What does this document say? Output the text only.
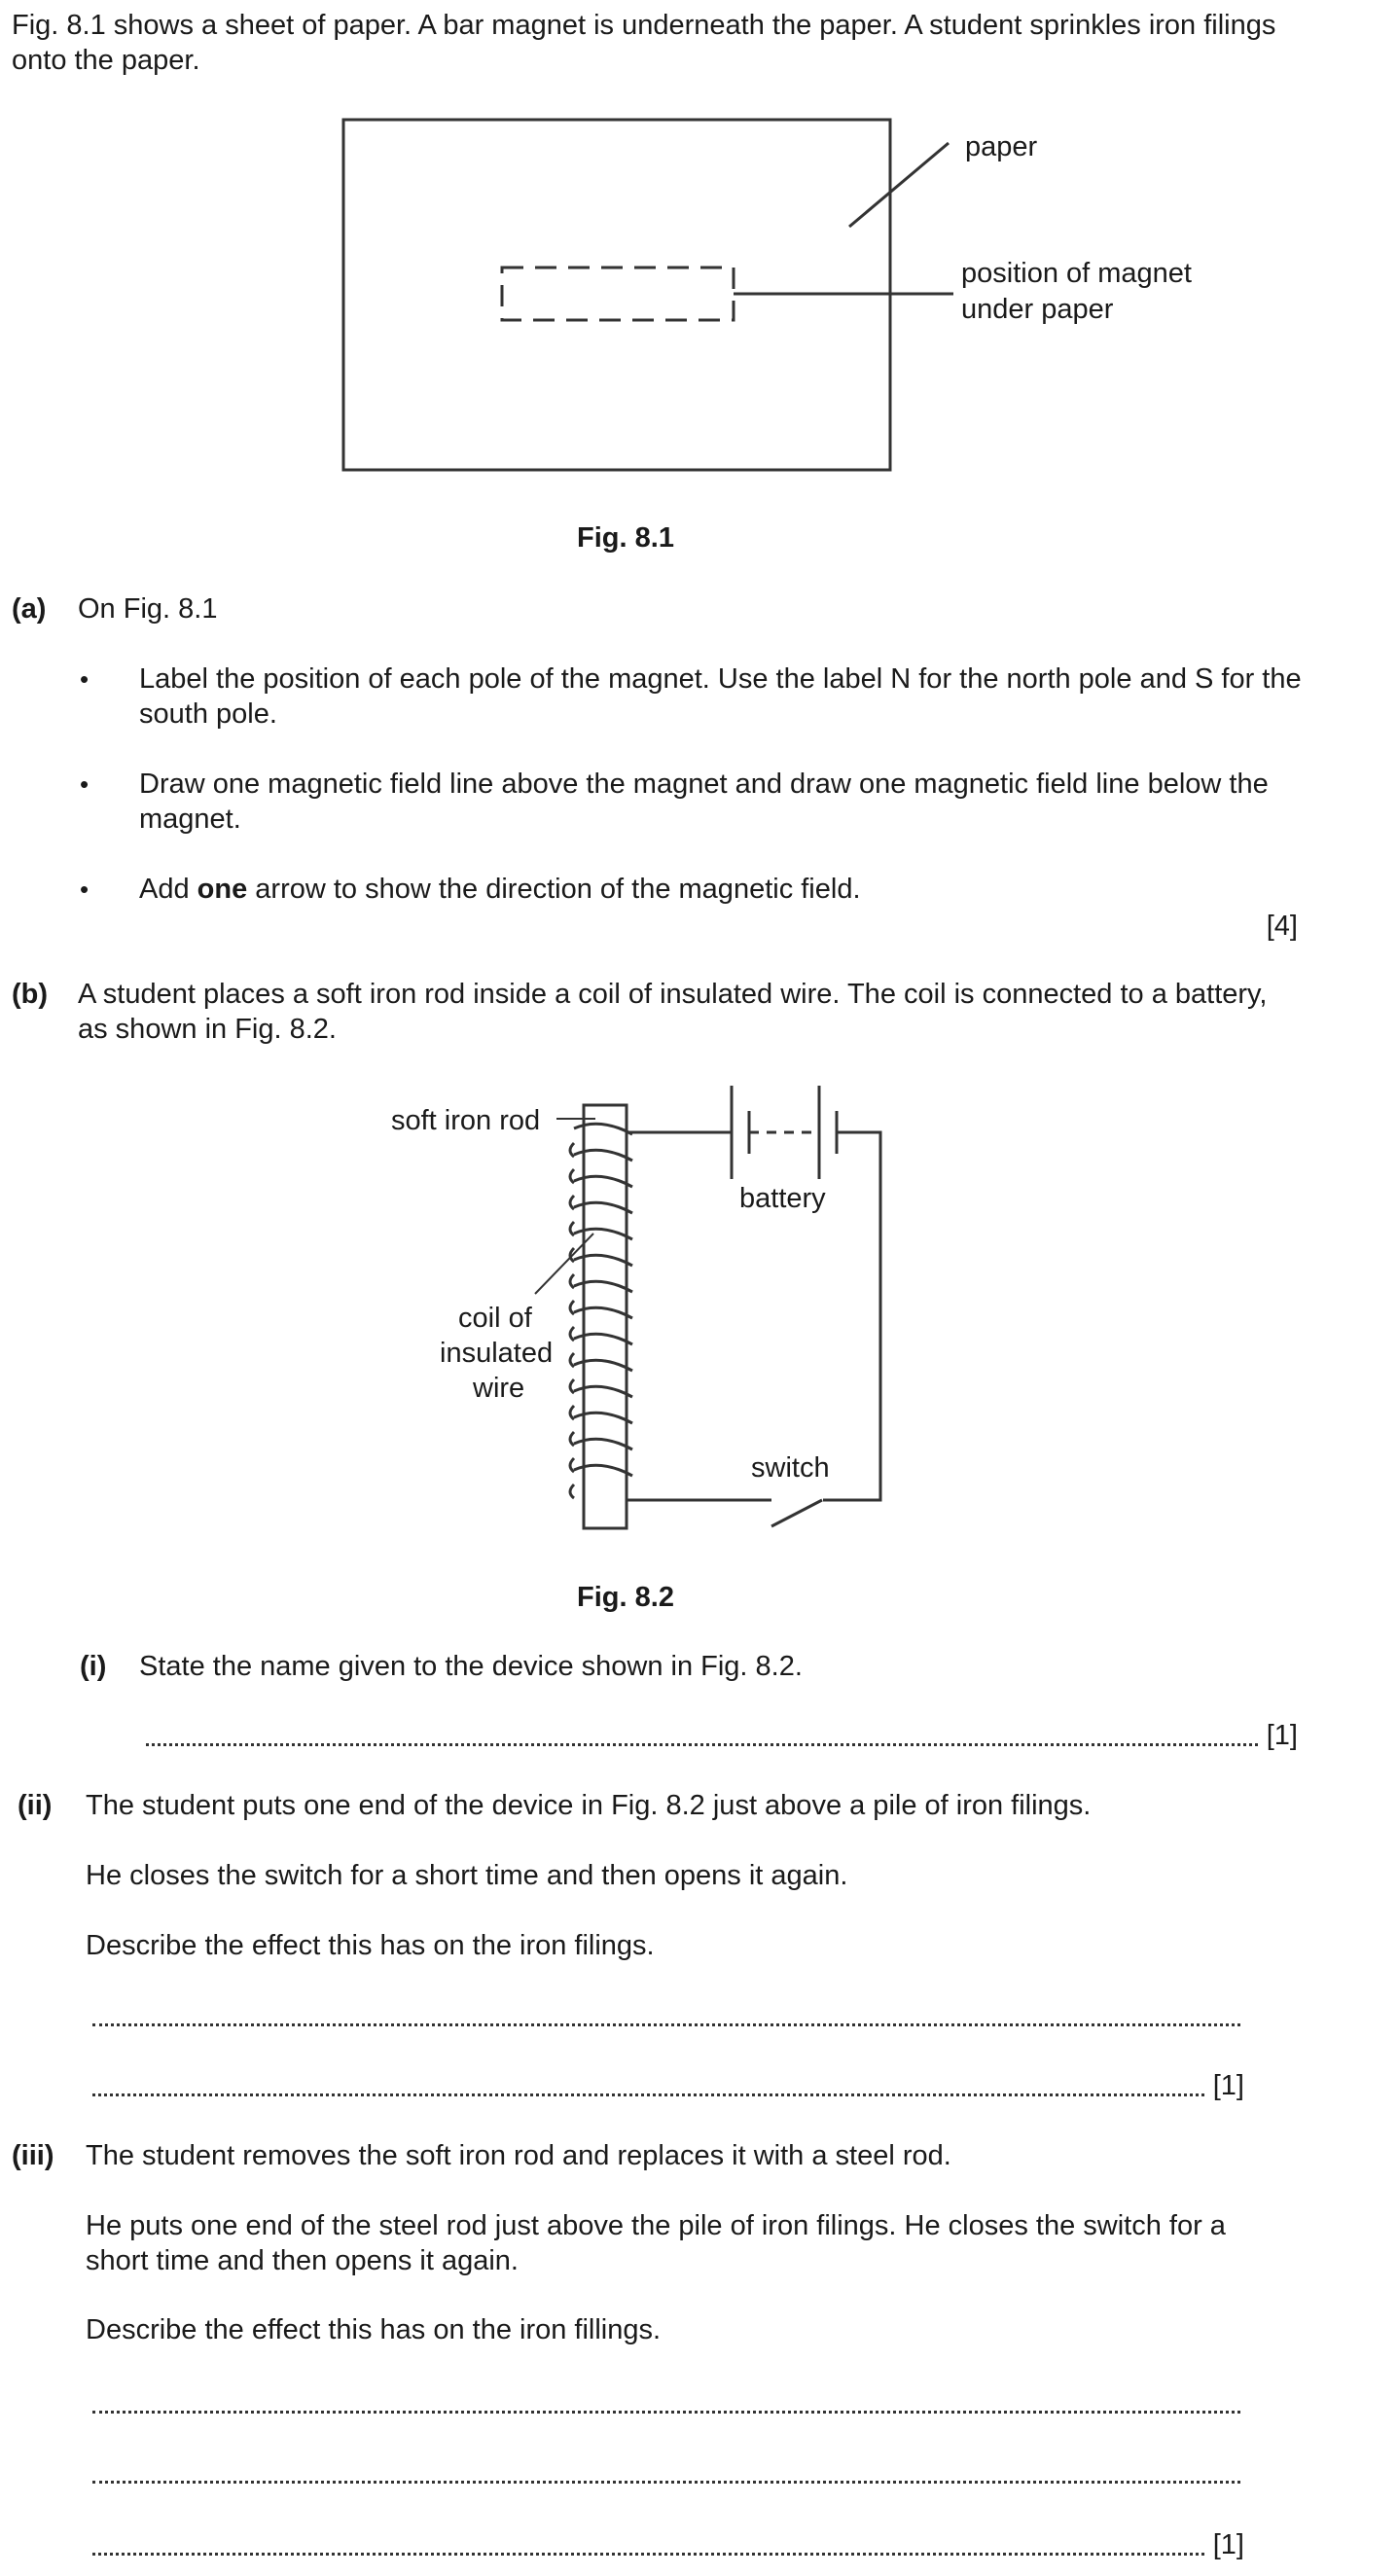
Fig. 8.1 shows a sheet of paper. A bar magnet is underneath the paper. A student sprinkles iron filings onto the paper.
paper
position of magnet
under paper
Fig. 8.1
(a) On Fig. 8.1
• Label the position of each pole of the magnet. Use the label N for the north pole and S for the south pole.
• Draw one magnetic field line above the magnet and draw one magnetic field line below the magnet.
• Add one arrow to show the direction of the magnetic field.
[4]
(b) A student places a soft iron rod inside a coil of insulated wire. The coil is connected to a battery, as shown in Fig. 8.2.
soft iron rod
battery
coil of
insulated
wire
switch
Fig. 8.2
(i) State the name given to the device shown in Fig. 8.2.
[1]
(ii) The student puts one end of the device in Fig. 8.2 just above a pile of iron filings.
He closes the switch for a short time and then opens it again.
Describe the effect this has on the iron filings.
[1]
(iii) The student removes the soft iron rod and replaces it with a steel rod.
He puts one end of the steel rod just above the pile of iron filings. He closes the switch for a short time and then opens it again.
Describe the effect this has on the iron fillings.
[1]
